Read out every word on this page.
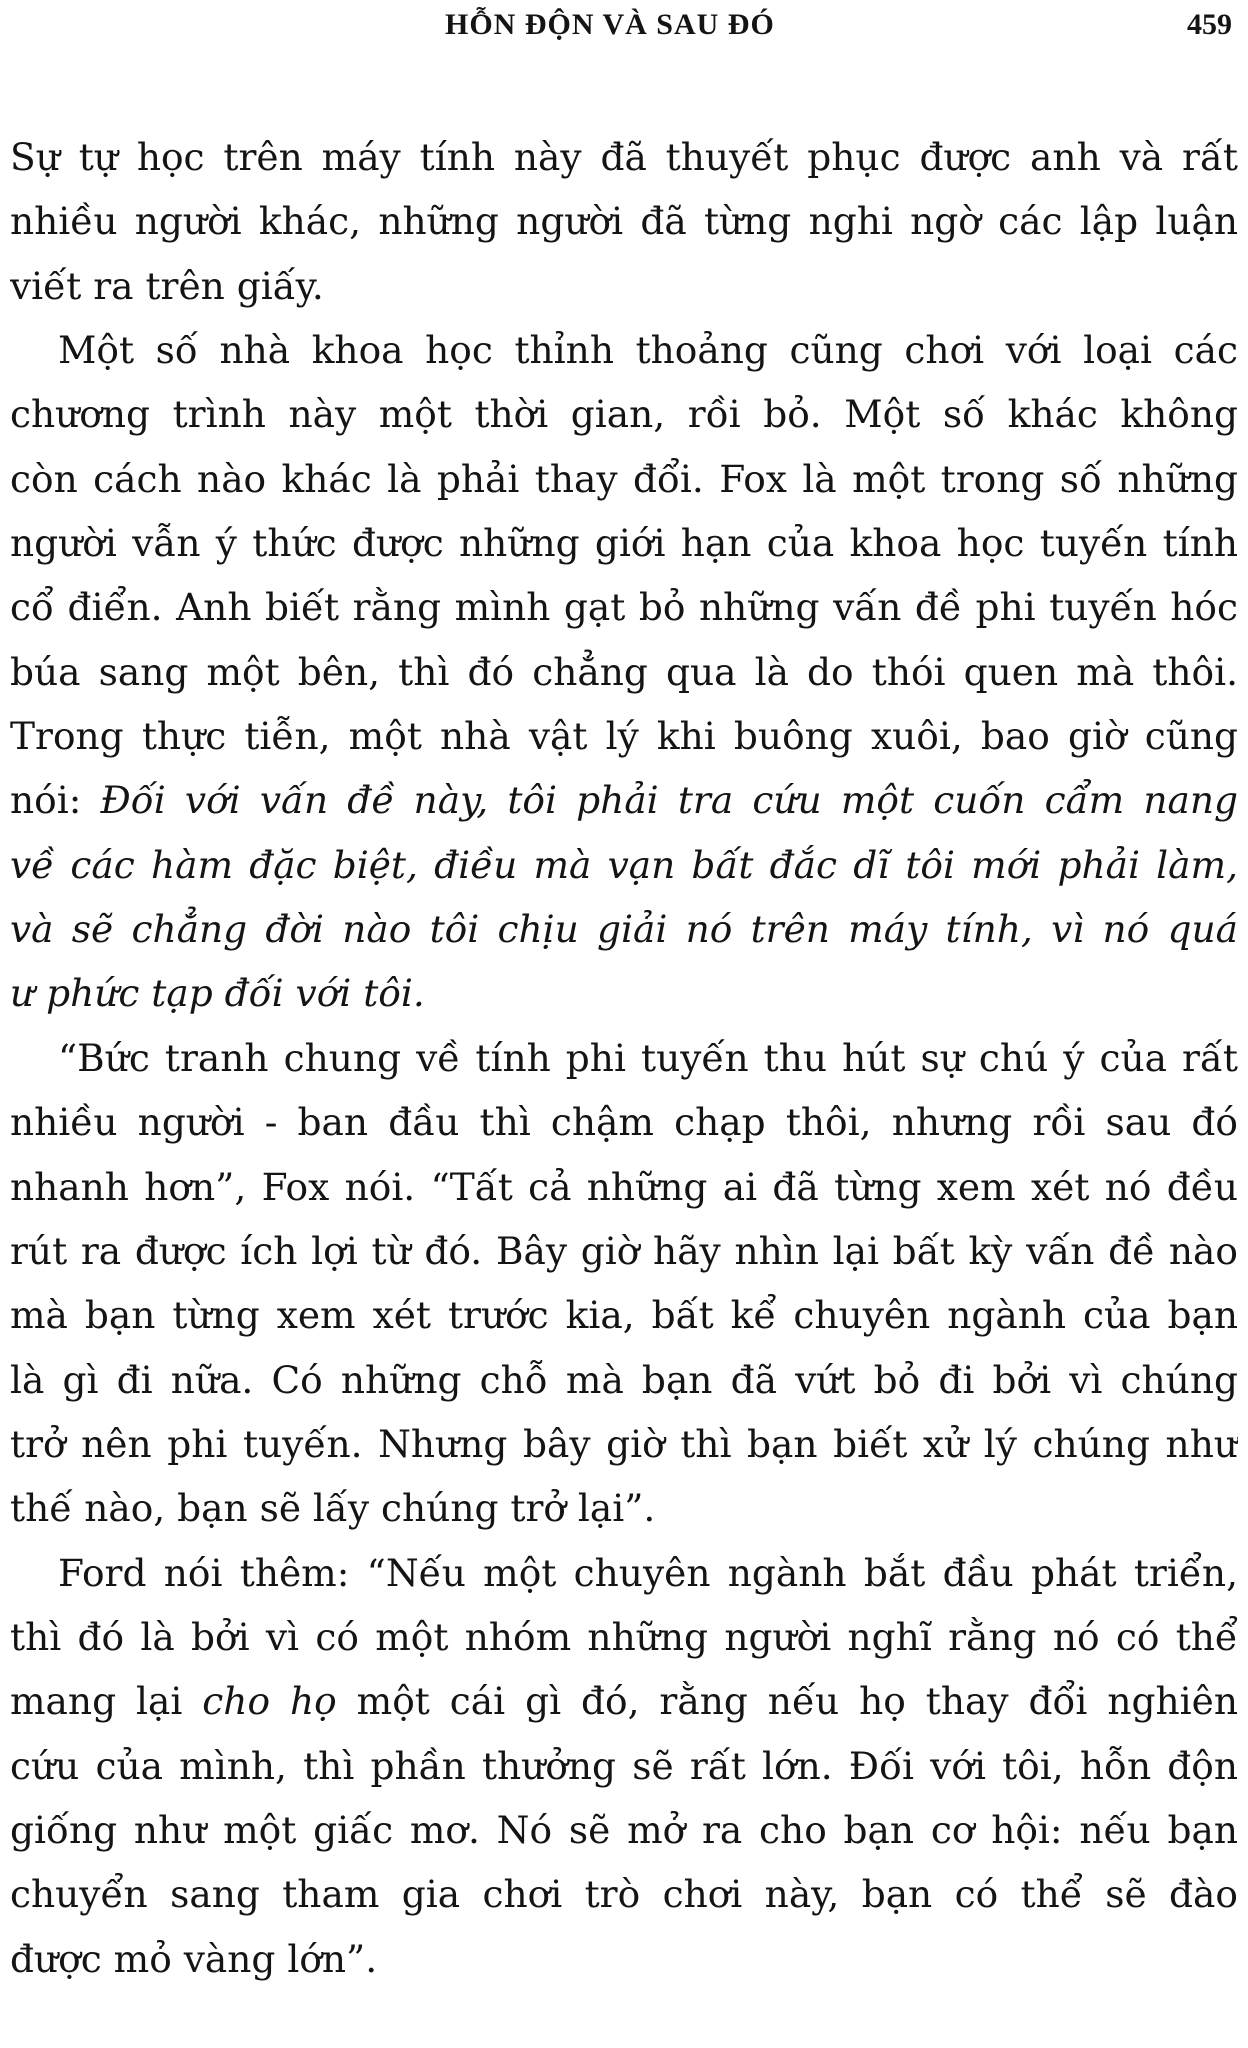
HỖN ĐỘN VÀ SAU ĐÓ	459
Sự tự học trên máy tính này đã thuyết phục được anh và rất
nhiều người khác, những người đã từng nghi ngờ các lập luận
viết ra trên giấy.
Một số nhà khoa học thỉnh thoảng cũng chơi với loại các
chương trình này một thời gian, rồi bỏ. Một số khác không
còn cách nào khác là phải thay đổi. Fox là một trong số những
người vẫn ý thức được những giới hạn của khoa học tuyến tính
cổ điển. Anh biết rằng mình gạt bỏ những vấn đề phi tuyến hóc
búa sang một bên, thì đó chẳng qua là do thói quen mà thôi.
Trong thực tiễn, một nhà vật lý khi buông xuôi, bao giờ cũng
nói: Đối với vấn đề này, tôi phải tra cứu một cuốn cẩm nang
về các hàm đặc biệt, điều mà vạn bất đắc dĩ tôi mới phải làm,
và sẽ chẳng đời nào tôi chịu giải nó trên máy tính, vì nó quá
ư phức tạp đối với tôi.
“Bức tranh chung về tính phi tuyến thu hút sự chú ý của rất
nhiều người - ban đầu thì chậm chạp thôi, nhưng rồi sau đó
nhanh hơn”, Fox nói. “Tất cả những ai đã từng xem xét nó đều
rút ra được ích lợi từ đó. Bây giờ hãy nhìn lại bất kỳ vấn đề nào
mà bạn từng xem xét trước kia, bất kể chuyên ngành của bạn
là gì đi nữa. Có những chỗ mà bạn đã vứt bỏ đi bởi vì chúng
trở nên phi tuyến. Nhưng bây giờ thì bạn biết xử lý chúng như
thế nào, bạn sẽ lấy chúng trở lại”.
Ford nói thêm: “Nếu một chuyên ngành bắt đầu phát triển,
thì đó là bởi vì có một nhóm những người nghĩ rằng nó có thể
mang lại cho họ một cái gì đó, rằng nếu họ thay đổi nghiên
cứu của mình, thì phần thưởng sẽ rất lớn. Đối với tôi, hỗn độn
giống như một giấc mơ. Nó sẽ mở ra cho bạn cơ hội: nếu bạn
chuyển sang tham gia chơi trò chơi này, bạn có thể sẽ đào
được mỏ vàng lớn”.
